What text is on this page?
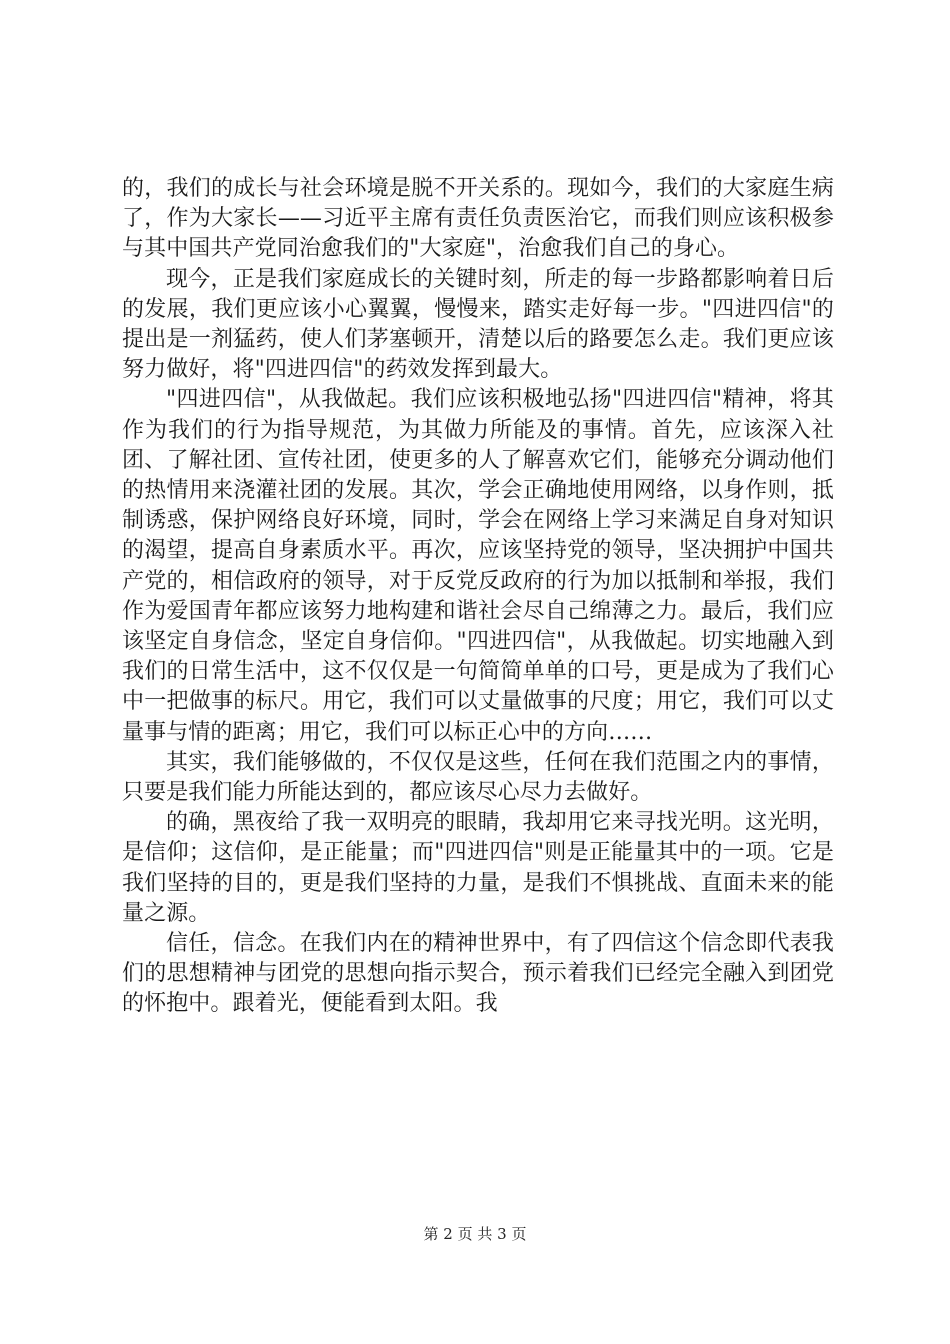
的，我们的成长与社会环境是脱不开关系的。现如今，我们的大家庭生病了，作为大家长——习近平主席有责任负责医治它，而我们则应该积极参与其中国共产党同治愈我们的"大家庭"，治愈我们自己的身心。

现今，正是我们家庭成长的关键时刻，所走的每一步路都影响着日后的发展，我们更应该小心翼翼，慢慢来，踏实走好每一步。"四进四信"的提出是一剂猛药，使人们茅塞顿开，清楚以后的路要怎么走。我们更应该努力做好，将"四进四信"的药效发挥到最大。

"四进四信"，从我做起。我们应该积极地弘扬"四进四信"精神，将其作为我们的行为指导规范，为其做力所能及的事情。首先，应该深入社团、了解社团、宣传社团，使更多的人了解喜欢它们，能够充分调动他们的热情用来浇灌社团的发展。其次，学会正确地使用网络，以身作则，抵制诱惑，保护网络良好环境，同时，学会在网络上学习来满足自身对知识的渴望，提高自身素质水平。再次，应该坚持党的领导，坚决拥护中国共产党的，相信政府的领导，对于反党反政府的行为加以抵制和举报，我们作为爱国青年都应该努力地构建和谐社会尽自己绵薄之力。最后，我们应该坚定自身信念，坚定自身信仰。"四进四信"，从我做起。切实地融入到我们的日常生活中，这不仅仅是一句简简单单的口号，更是成为了我们心中一把做事的标尺。用它，我们可以丈量做事的尺度；用它，我们可以丈量事与情的距离；用它，我们可以标正心中的方向……

其实，我们能够做的，不仅仅是这些，任何在我们范围之内的事情，只要是我们能力所能达到的，都应该尽心尽力去做好。

的确，黑夜给了我一双明亮的眼睛，我却用它来寻找光明。这光明，是信仰；这信仰，是正能量；而"四进四信"则是正能量其中的一项。它是我们坚持的目的，更是我们坚持的力量，是我们不惧挑战、直面未来的能量之源。

信任，信念。在我们内在的精神世界中，有了四信这个信念即代表我们的思想精神与团党的思想向指示契合，预示着我们已经完全融入到团党的怀抱中。跟着光，便能看到太阳。我

第 2 页 共 3 页
